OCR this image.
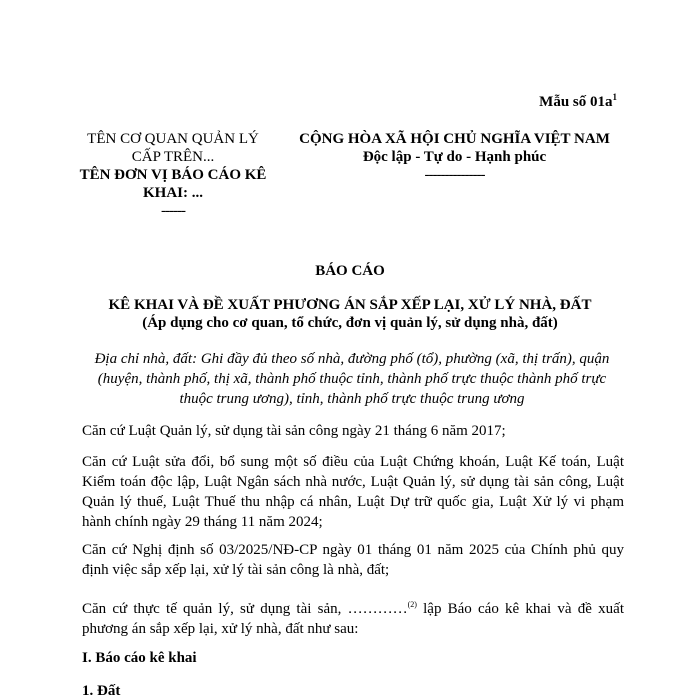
Mẫu số $01a^1$
TÊN CƠ QUAN QUẢN LÝ
CẤP TRÊN...
TÊN ĐƠN VỊ BÁO CÁO KÊ
KHAI: ...
------
CỘNG HÒA XÃ HỘI CHỦ NGHĨA VIỆT NAM
Độc lập - Tự do - Hạnh phúc
---------------
BÁO CÁO
KÊ KHAI VÀ ĐỀ XUẤT PHƯƠNG ÁN SẮP XẾP LẠI, XỬ LÝ NHÀ, ĐẤT
(Áp dụng cho cơ quan, tổ chức, đơn vị quản lý, sử dụng nhà, đất)
Địa chỉ nhà, đất: Ghi đầy đủ theo số nhà, đường phố (tổ), phường (xã, thị trấn), quận (huyện, thành phố, thị xã, thành phố thuộc tỉnh, thành phố trực thuộc thành phố trực thuộc trung ương), tỉnh, thành phố trực thuộc trung ương
Căn cứ Luật Quản lý, sử dụng tài sản công ngày 21 tháng 6 năm 2017;
Căn cứ Luật sửa đổi, bổ sung một số điều của Luật Chứng khoán, Luật Kế toán, Luật Kiểm toán độc lập, Luật Ngân sách nhà nước, Luật Quản lý, sử dụng tài sản công, Luật Quản lý thuế, Luật Thuế thu nhập cá nhân, Luật Dự trữ quốc gia, Luật Xử lý vi phạm hành chính ngày 29 tháng 11 năm 2024;
Căn cứ Nghị định số 03/2025/NĐ-CP ngày 01 tháng 01 năm 2025 của Chính phủ quy định việc sắp xếp lại, xử lý tài sản công là nhà, đất;
Căn cứ thực tế quản lý, sử dụng tài sản, …………$^{(2)}$ lập Báo cáo kê khai và đề xuất phương án sắp xếp lại, xử lý nhà, đất như sau:
I. Báo cáo kê khai
1. Đất
